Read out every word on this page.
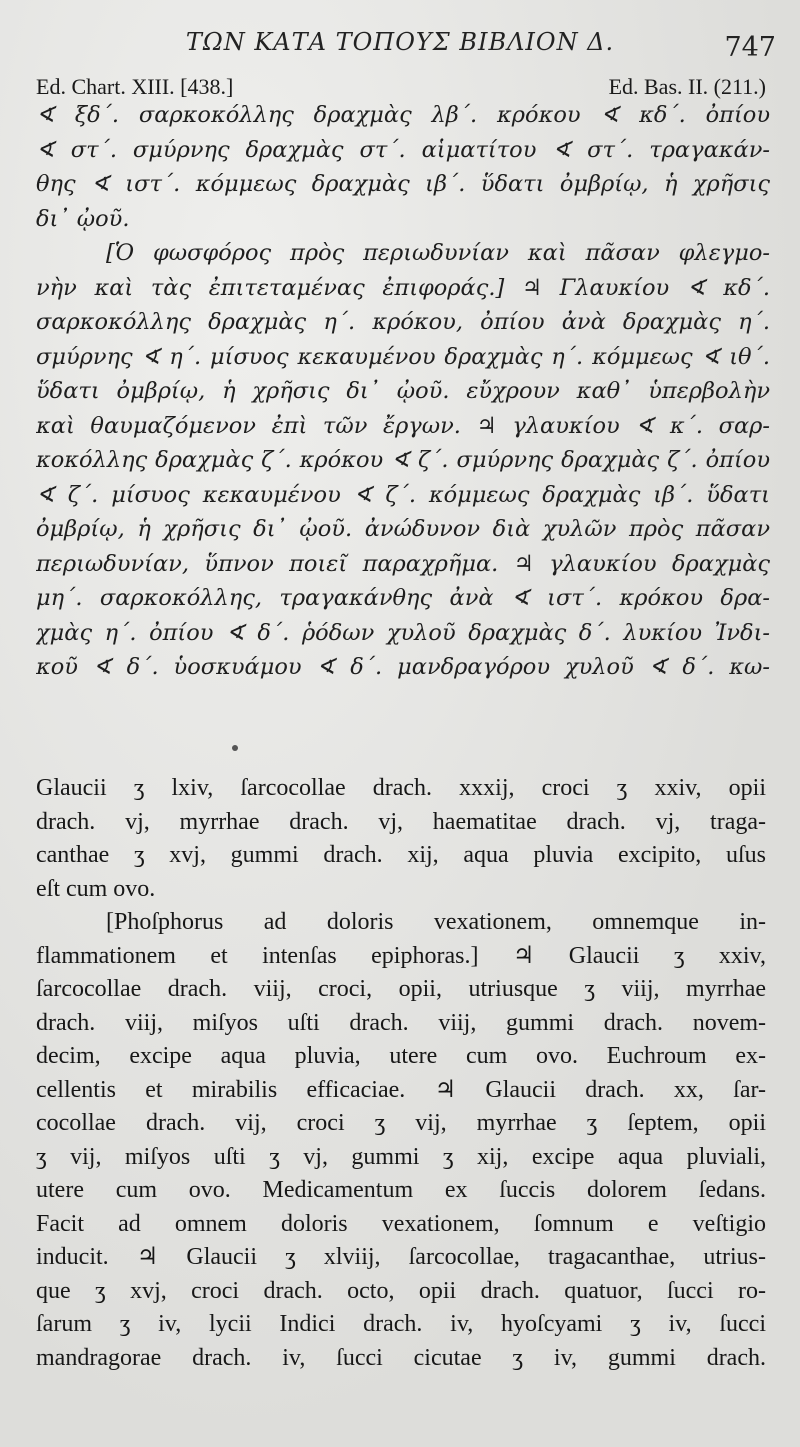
ΤΩΝ ΚΑΤΑ ΤΟΠΟΥΣ ΒΙΒΛΙΟΝ Δ.	747
Ed. Chart. XIII. [438.]	Ed. Bas. II. (211.)
∢ ξδ΄. σαρκοκόλλης δραχμὰς λβ΄. κρόκου ∢ κδ΄. ὀπίου
∢ στ΄. σμύρνης δραχμὰς στ΄. αἱματίτου ∢ στ΄. τραγακάν-
θης ∢ ιστ΄. κόμμεως δραχμὰς ιβ΄. ὕδατι ὀμβρίῳ, ἡ χρῆσις
δι᾽ ᾠοῦ.
[Ὁ φωσφόρος πρὸς περιωδυνίαν καὶ πᾶσαν φλεγμο-
νὴν καὶ τὰς ἐπιτεταμένας ἐπιφοράς.] ♃ Γλαυκίου ∢ κδ΄.
σαρκοκόλλης δραχμὰς η΄. κρόκου, ὀπίου ἀνὰ δραχμὰς η΄.
σμύρνης ∢ η΄. μίσυος κεκαυμένου δραχμὰς η΄. κόμμεως ∢ ιθ΄.
ὕδατι ὀμβρίῳ, ἡ χρῆσις δι᾽ ᾠοῦ. εὔχρουν καθ᾽ ὑπερβολὴν
καὶ θαυμαζόμενον ἐπὶ τῶν ἔργων. ♃ γλαυκίου ∢ κ΄. σαρ-
κοκόλλης δραχμὰς ζ΄. κρόκου ∢ ζ΄. σμύρνης δραχμὰς ζ΄. ὀπίου
∢ ζ΄. μίσυος κεκαυμένου ∢ ζ΄. κόμμεως δραχμὰς ιβ΄. ὕδατι
ὀμβρίῳ, ἡ χρῆσις δι᾽ ᾠοῦ. ἀνώδυνον διὰ χυλῶν πρὸς πᾶσαν
περιωδυνίαν, ὕπνον ποιεῖ παραχρῆμα. ♃ γλαυκίου δραχμὰς
μη΄. σαρκοκόλλης, τραγακάνθης ἀνὰ ∢ ιστ΄. κρόκου δρα-
χμὰς η΄. ὀπίου ∢ δ΄. ῥόδων χυλοῦ δραχμὰς δ΄. λυκίου Ἰνδι-
κοῦ ∢ δ΄. ὑοσκυάμου ∢ δ΄. μανδραγόρου χυλοῦ ∢ δ΄. κω-
Glaucii ʒ lxiv, ſarcocollae drach. xxxij, croci ʒ xxiv, opii
drach. vj, myrrhae drach. vj, haematitae drach. vj, traga-
canthae ʒ xvj, gummi drach. xij, aqua pluvia excipito, uſus
eſt cum ovo.
[Phoſphorus ad doloris vexationem, omnemque in-
flammationem et intenſas epiphoras.] ♃ Glaucii ʒ xxiv,
ſarcocollae drach. viij, croci, opii, utriusque ʒ viij, myrrhae
drach. viij, miſyos uſti drach. viij, gummi drach. novem-
decim, excipe aqua pluvia, utere cum ovo. Euchroum ex-
cellentis et mirabilis efficaciae. ♃ Glaucii drach. xx, ſar-
cocollae drach. vij, croci ʒ vij, myrrhae ʒ ſeptem, opii
ʒ vij, miſyos uſti ʒ vj, gummi ʒ xij, excipe aqua pluviali,
utere cum ovo. Medicamentum ex ſuccis dolorem ſedans.
Facit ad omnem doloris vexationem, ſomnum e veſtigio
inducit. ♃ Glaucii ʒ xlviij, ſarcocollae, tragacanthae, utrius-
que ʒ xvj, croci drach. octo, opii drach. quatuor, ſucci ro-
ſarum ʒ iv, lycii Indici drach. iv, hyoſcyami ʒ iv, ſucci
mandragorae drach. iv, ſucci cicutae ʒ iv, gummi drach.
